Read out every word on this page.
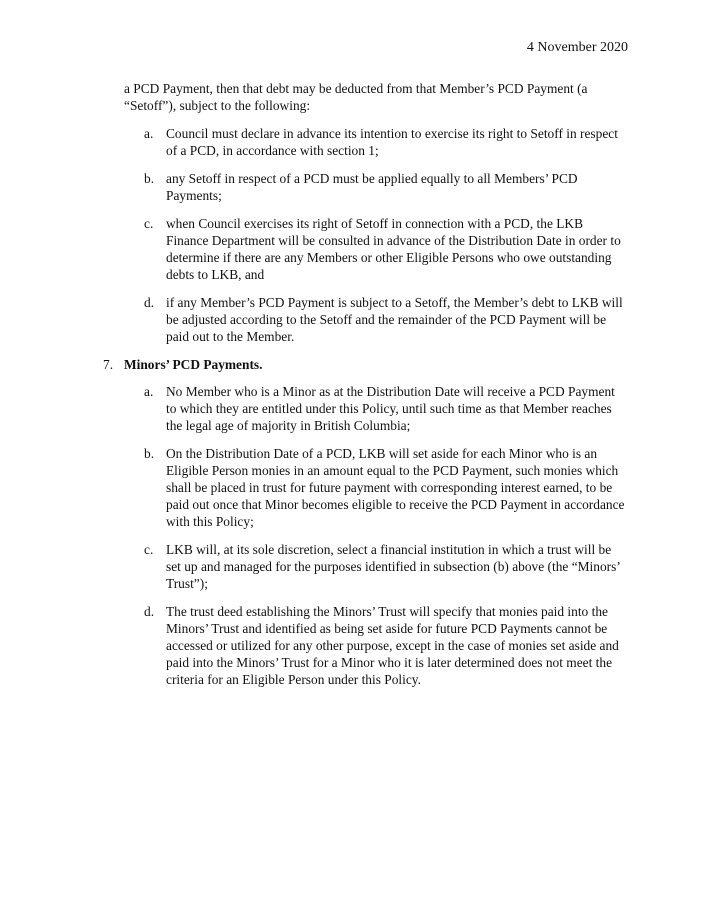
4 November 2020

a PCD Payment, then that debt may be deducted from that Member’s PCD Payment (a “Setoff”), subject to the following:

a. Council must declare in advance its intention to exercise its right to Setoff in respect of a PCD, in accordance with section 1;
b. any Setoff in respect of a PCD must be applied equally to all Members’ PCD Payments;
c. when Council exercises its right of Setoff in connection with a PCD, the LKB Finance Department will be consulted in advance of the Distribution Date in order to determine if there are any Members or other Eligible Persons who owe outstanding debts to LKB, and
d. if any Member’s PCD Payment is subject to a Setoff, the Member’s debt to LKB will be adjusted according to the Setoff and the remainder of the PCD Payment will be paid out to the Member.
7. Minors’ PCD Payments.
a. No Member who is a Minor as at the Distribution Date will receive a PCD Payment to which they are entitled under this Policy, until such time as that Member reaches the legal age of majority in British Columbia;
b. On the Distribution Date of a PCD, LKB will set aside for each Minor who is an Eligible Person monies in an amount equal to the PCD Payment, such monies which shall be placed in trust for future payment with corresponding interest earned, to be paid out once that Minor becomes eligible to receive the PCD Payment in accordance with this Policy;
c. LKB will, at its sole discretion, select a financial institution in which a trust will be set up and managed for the purposes identified in subsection (b) above (the “Minors’ Trust”);
d. The trust deed establishing the Minors’ Trust will specify that monies paid into the Minors’ Trust and identified as being set aside for future PCD Payments cannot be accessed or utilized for any other purpose, except in the case of monies set aside and paid into the Minors’ Trust for a Minor who it is later determined does not meet the criteria for an Eligible Person under this Policy.
